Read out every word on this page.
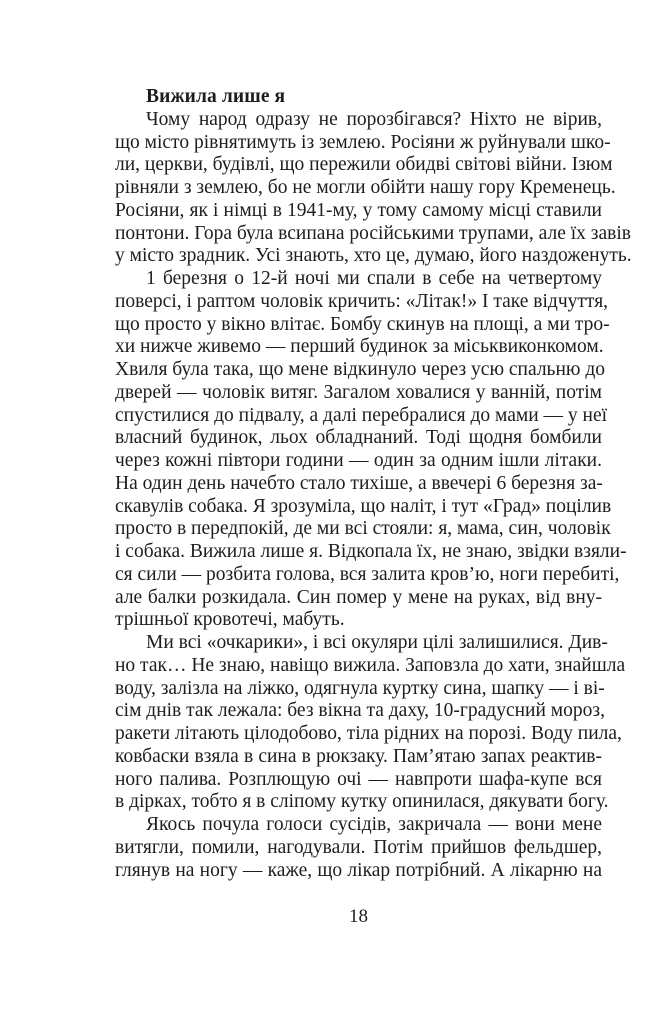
Вижила лише я
Чому народ одразу не порозбігався? Ніхто не вірив,
що місто рівнятимуть із землею. Росіяни ж руйнували шко-
ли, церкви, будівлі, що пережили обидві світові війни. Ізюм
рівняли з землею, бо не могли обійти нашу гору Кременець.
Росіяни, як і німці в 1941-му, у тому самому місці ставили
понтони. Гора була всипана російськими трупами, але їх завів
у місто зрадник. Усі знають, хто це, думаю, його наздоженуть.
1 березня о 12-й ночі ми спали в себе на четвертому
поверсі, і раптом чоловік кричить: «Літак!» І таке відчуття,
що просто у вікно влітає. Бомбу скинув на площі, а ми тро-
хи нижче живемо — перший будинок за міськвиконкомом.
Хвиля була така, що мене відкинуло через усю спальню до
дверей — чоловік витяг. Загалом ховалися у ванній, потім
спустилися до підвалу, а далі перебралися до мами — у неї
власний будинок, льох обладнаний. Тоді щодня бомбили
через кожні півтори години — один за одним ішли літаки.
На один день начебто стало тихіше, а ввечері 6 березня за-
скавулів собака. Я зрозуміла, що наліт, і тут «Град» поцілив
просто в передпокій, де ми всі стояли: я, мама, син, чоловік
і собака. Вижила лише я. Відкопала їх, не знаю, звідки взяли-
ся сили — розбита голова, вся залита кров’ю, ноги перебиті,
але балки розкидала. Син помер у мене на руках, від вну-
трішньої кровотечі, мабуть.
Ми всі «очкарики», і всі окуляри цілі залишилися. Див-
но так… Не знаю, навіщо вижила. Заповзла до хати, знайшла
воду, залізла на ліжко, одягнула куртку сина, шапку — і ві-
сім днів так лежала: без вікна та даху, 10-градусний мороз,
ракети літають цілодобово, тіла рідних на порозі. Воду пила,
ковбаски взяла в сина в рюкзаку. Пам’ятаю запах реактив-
ного палива. Розплющую очі — навпроти шафа-купе вся
в дірках, тобто я в сліпому кутку опинилася, дякувати богу.
Якось почула голоси сусідів, закричала — вони мене
витягли, помили, нагодували. Потім прийшов фельдшер,
глянув на ногу — каже, що лікар потрібний. А лікарню на
18
